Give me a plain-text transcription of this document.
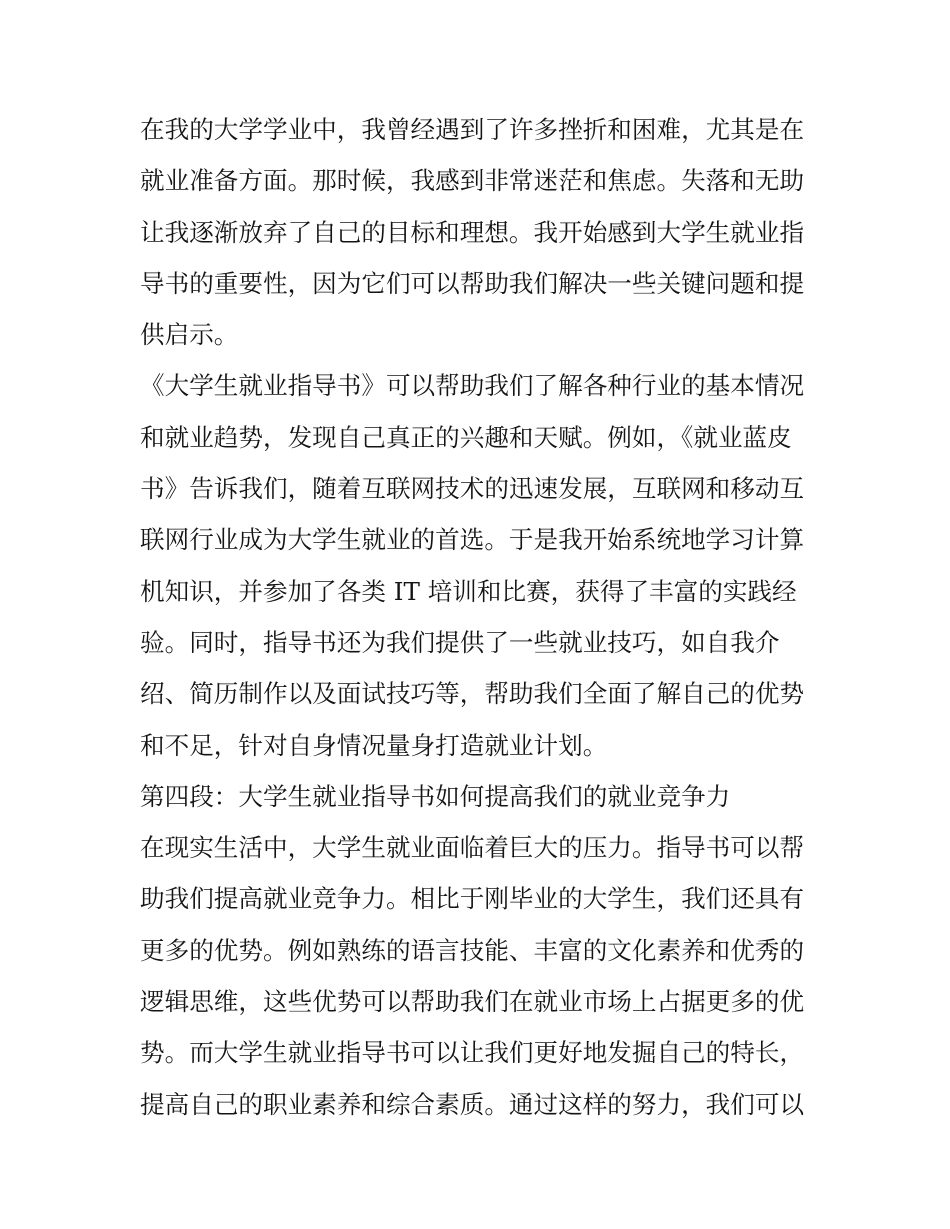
在我的大学学业中，我曾经遇到了许多挫折和困难，尤其是在
就业准备方面。那时候，我感到非常迷茫和焦虑。失落和无助
让我逐渐放弃了自己的目标和理想。我开始感到大学生就业指
导书的重要性，因为它们可以帮助我们解决一些关键问题和提
供启示。
《大学生就业指导书》可以帮助我们了解各种行业的基本情况
和就业趋势，发现自己真正的兴趣和天赋。例如，《就业蓝皮
书》告诉我们，随着互联网技术的迅速发展，互联网和移动互
联网行业成为大学生就业的首选。于是我开始系统地学习计算
机知识，并参加了各类 IT 培训和比赛，获得了丰富的实践经
验。同时，指导书还为我们提供了一些就业技巧，如自我介
绍、简历制作以及面试技巧等，帮助我们全面了解自己的优势
和不足，针对自身情况量身打造就业计划。
第四段：大学生就业指导书如何提高我们的就业竞争力
在现实生活中，大学生就业面临着巨大的压力。指导书可以帮
助我们提高就业竞争力。相比于刚毕业的大学生，我们还具有
更多的优势。例如熟练的语言技能、丰富的文化素养和优秀的
逻辑思维，这些优势可以帮助我们在就业市场上占据更多的优
势。而大学生就业指导书可以让我们更好地发掘自己的特长，
提高自己的职业素养和综合素质。通过这样的努力，我们可以
